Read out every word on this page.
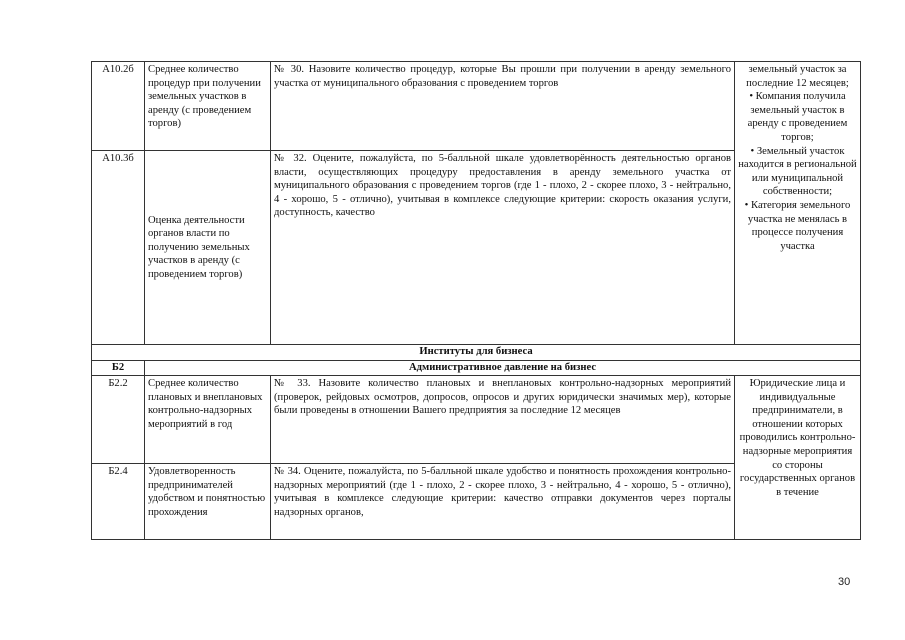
А10.2б	Среднее количество процедур при получении земельных участков в аренду (с проведением торгов)	№ 30. Назовите количество процедур, которые Вы прошли при получении в аренду земельного участка от муниципального образования с проведением торгов	земельный участок за последние 12 месяцев;
• Компания получила земельный участок в аренду с проведением торгов;
• Земельный участок находится в региональной или муниципальной собственности;
• Категория земельного участка не менялась в процессе получения участка

А10.3б	Оценка деятельности органов власти по получению земельных участков в аренду (с проведением торгов)	№ 32. Оцените, пожалуйста, по 5-балльной шкале удовлетворённость деятельностью органов власти, осуществляющих процедуру предоставления в аренду земельного участка от муниципального образования с проведением торгов (где 1 - плохо, 2 - скорее плохо, 3 - нейтрально, 4 - хорошо, 5 - отлично), учитывая в комплексе следующие критерии: скорость оказания услуги, доступность, качество	
Институты для бизнеса			
Б2	Административное давление на бизнес		
Б2.2	Среднее количество плановых и внеплановых контрольно-надзорных мероприятий в год	№ 33. Назовите количество плановых и внеплановых контрольно-надзорных мероприятий (проверок, рейдовых осмотров, допросов, опросов и других юридически значимых мер), которые были проведены в отношении Вашего предприятия за последние 12 месяцев	Юридические лица и индивидуальные предприниматели, в отношении которых проводились контрольно-надзорные мероприятия со стороны государственных органов в течение
Б2.4	Удовлетворенность предпринимателей удобством и понятностью прохождения	№ 34. Оцените, пожалуйста, по 5-балльной шкале удобство и понятность прохождения контрольно-надзорных мероприятий (где 1 - плохо, 2 - скорее плохо, 3 - нейтрально, 4 - хорошо, 5 - отлично), учитывая в комплексе следующие критерии: качество отправки документов через порталы надзорных органов,	
30
